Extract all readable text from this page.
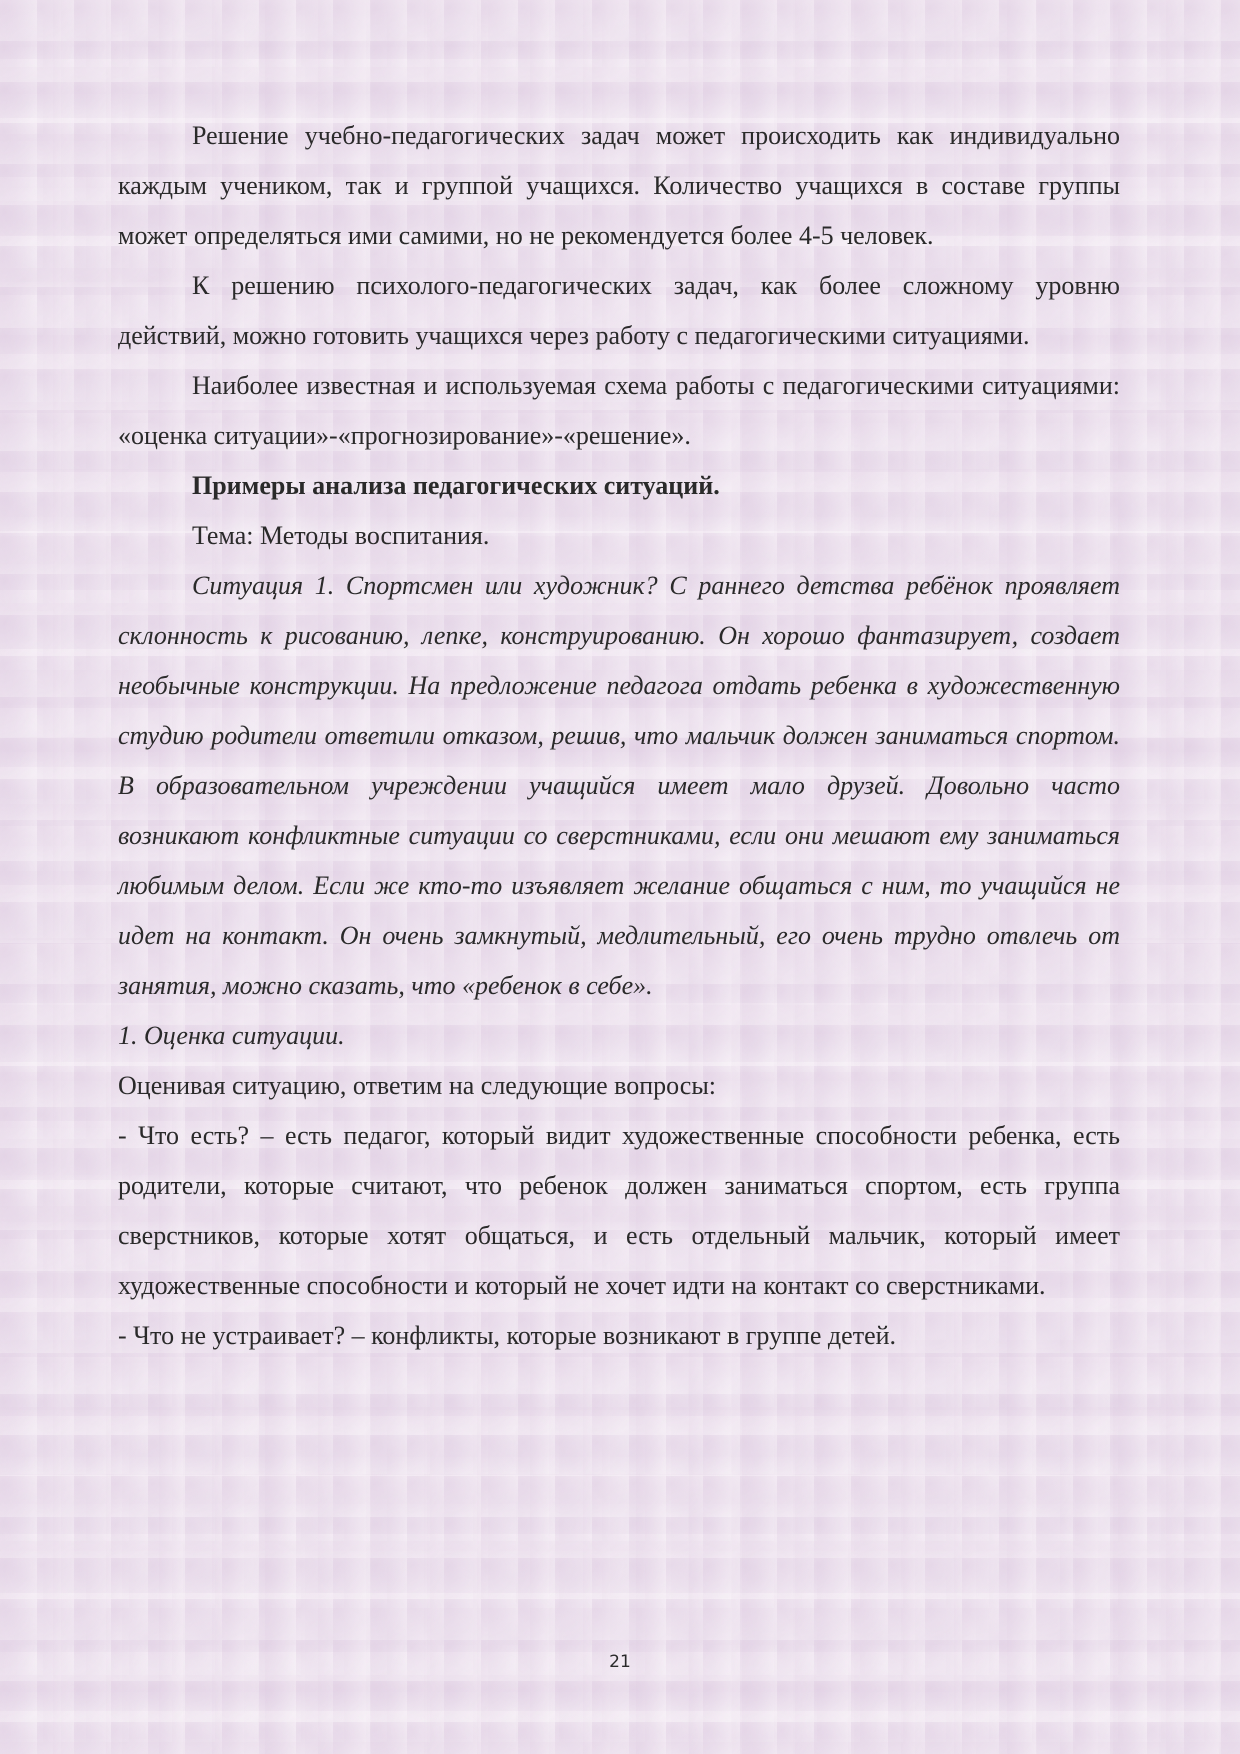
Решение учебно-педагогических задач может происходить как индивидуально каждым учеником, так и группой учащихся. Количество учащихся в составе группы может определяться ими самими, но не рекомендуется более 4-5 человек.

К решению психолого-педагогических задач, как более сложному уровню действий, можно готовить учащихся через работу с педагогическими ситуациями.

Наиболее известная и используемая схема работы с педагогическими ситуациями: «оценка ситуации»-«прогнозирование»-«решение».

Примеры анализа педагогических ситуаций.

Тема: Методы воспитания.

Ситуация 1. Спортсмен или художник? С раннего детства ребёнок проявляет склонность к рисованию, лепке, конструированию. Он хорошо фантазирует, создает необычные конструкции. На предложение педагога отдать ребенка в художественную студию родители ответили отказом, решив, что мальчик должен заниматься спортом. В образовательном учреждении учащийся имеет мало друзей. Довольно часто возникают конфликтные ситуации со сверстниками, если они мешают ему заниматься любимым делом. Если же кто-то изъявляет желание общаться с ним, то учащийся не идет на контакт. Он очень замкнутый, медлительный, его очень трудно отвлечь от занятия, можно сказать, что «ребенок в себе».

1. Оценка ситуации.

Оценивая ситуацию, ответим на следующие вопросы:

- Что есть? – есть педагог, который видит художественные способности ребенка, есть родители, которые считают, что ребенок должен заниматься спортом, есть группа сверстников, которые хотят общаться, и есть отдельный мальчик, который имеет художественные способности и который не хочет идти на контакт со сверстниками.

- Что не устраивает? – конфликты, которые возникают в группе детей.

21
